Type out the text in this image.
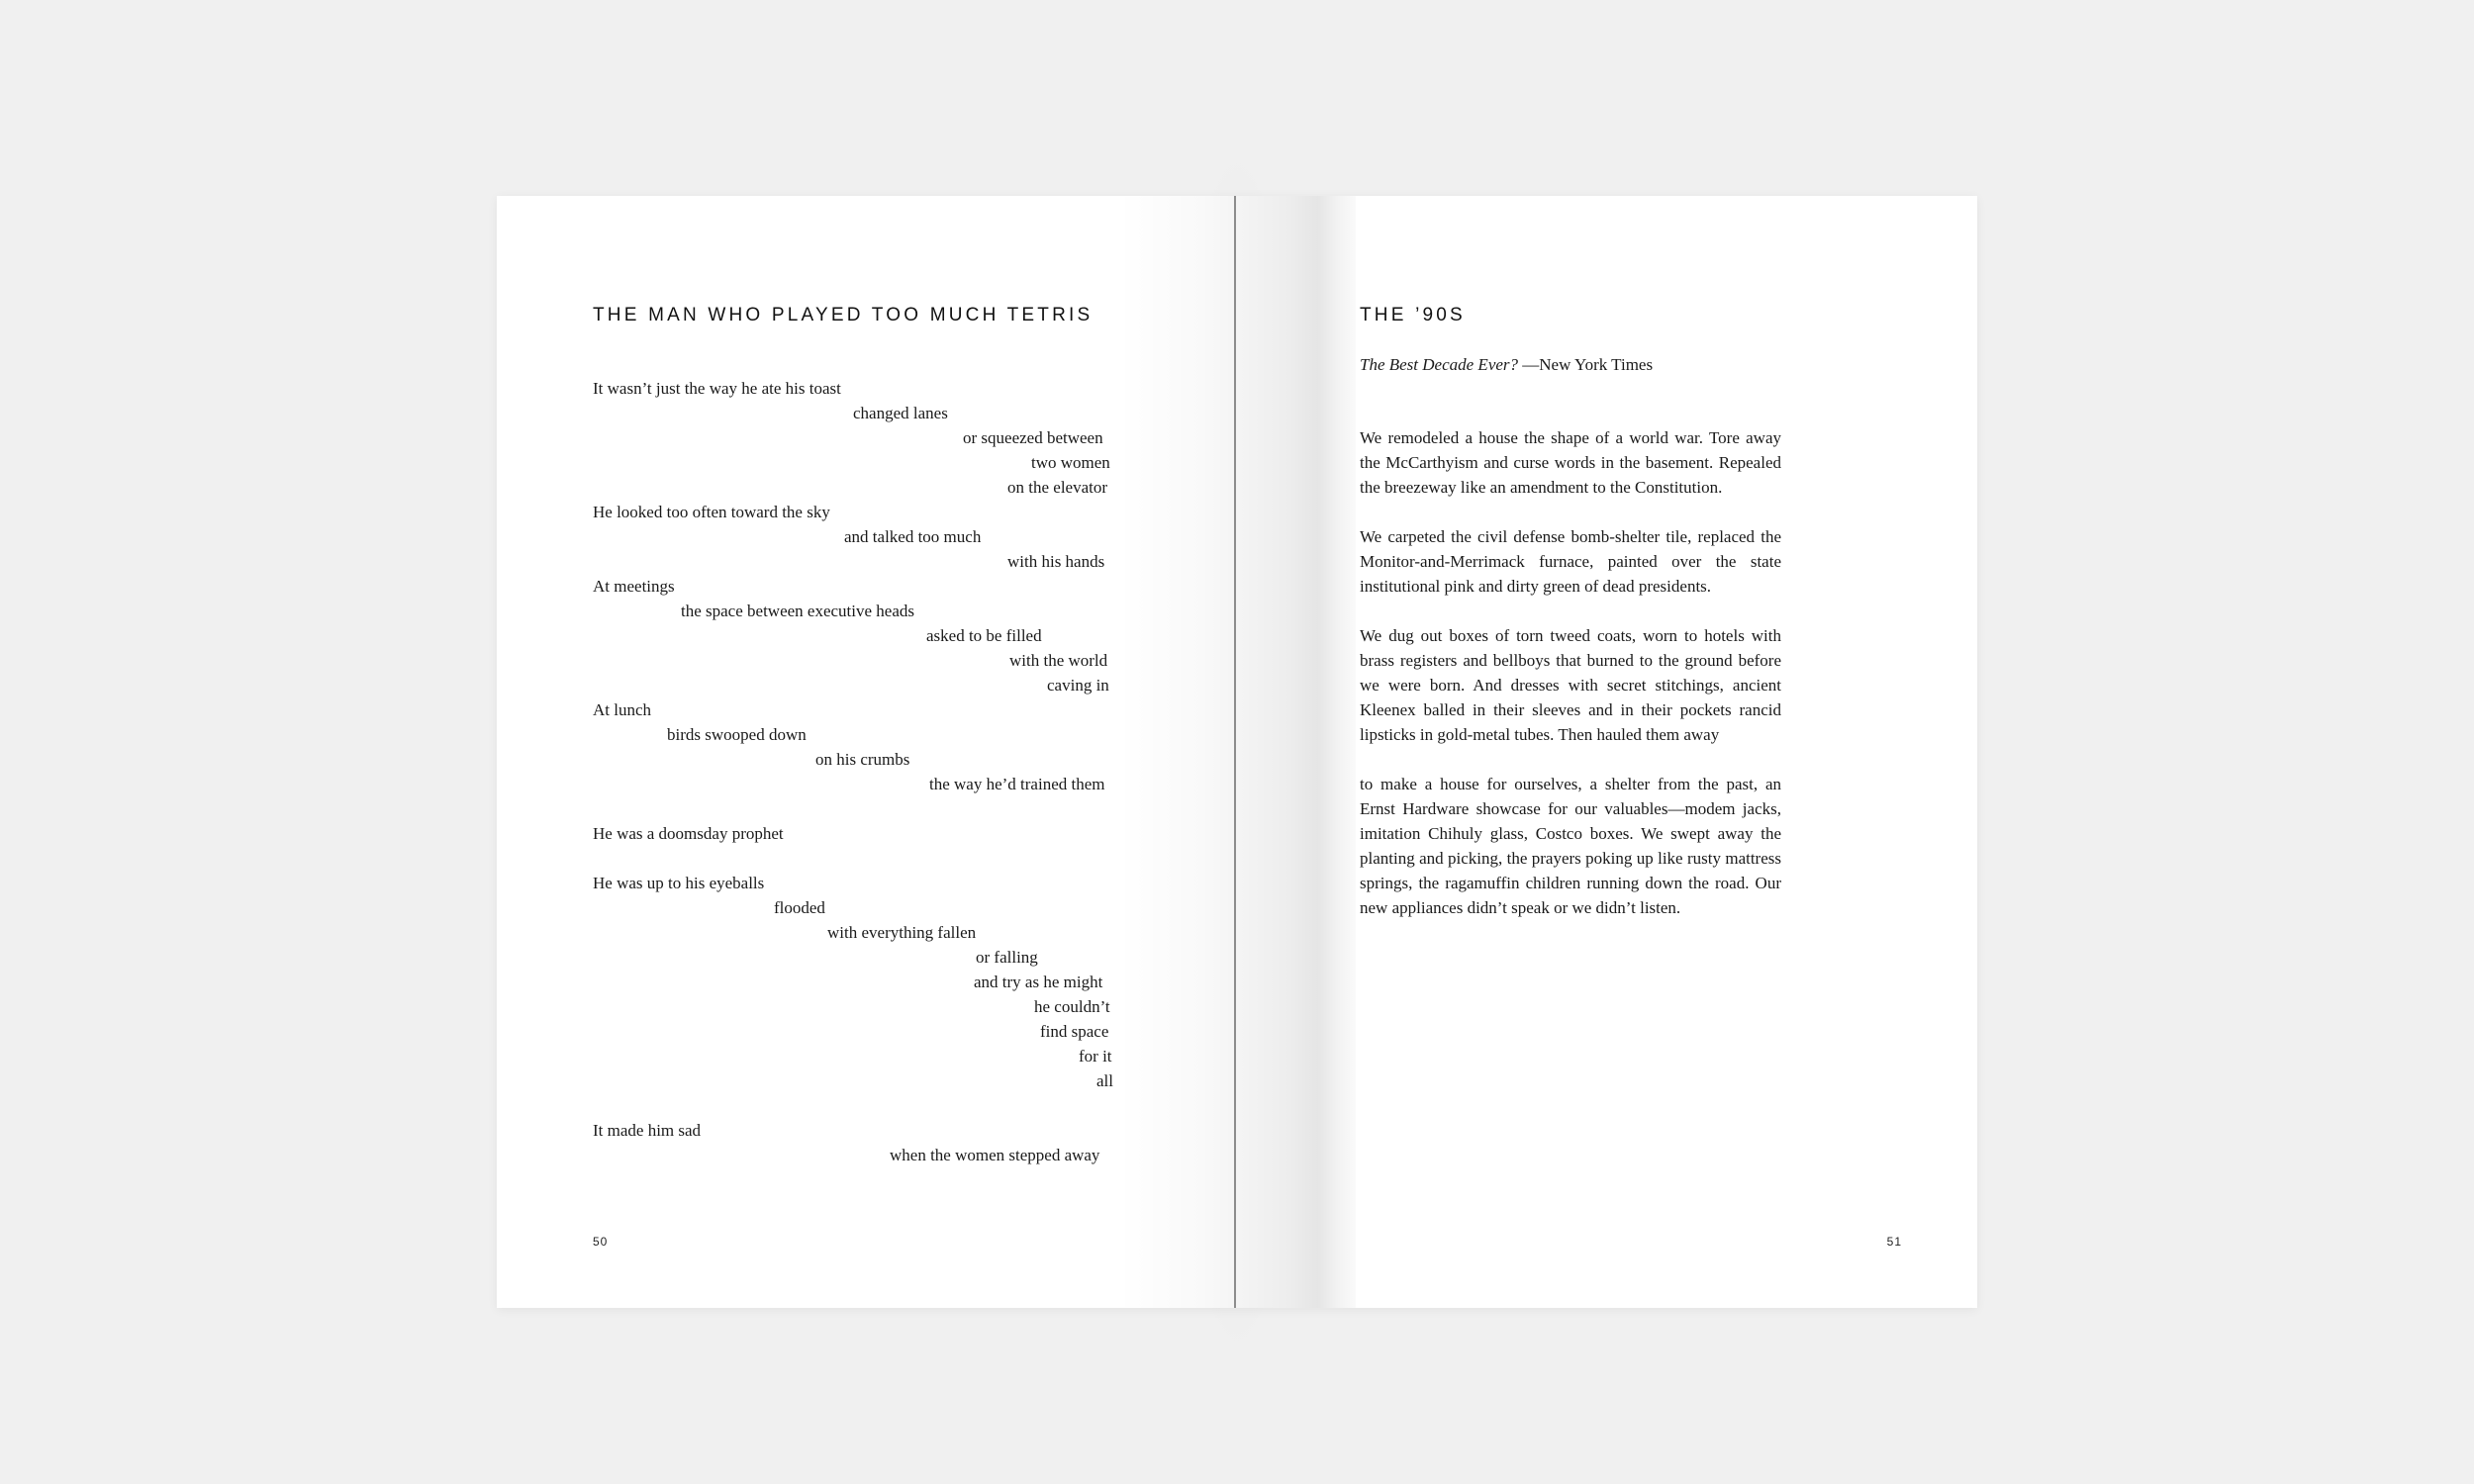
THE MAN WHO PLAYED TOO MUCH TETRIS
It wasn’t just the way he ate his toast
changed lanes
or squeezed between
two women
on the elevator
He looked too often toward the sky
and talked too much
with his hands
At meetings
the space between executive heads
asked to be filled
with the world
caving in
At lunch
birds swooped down
on his crumbs
the way he’d trained them
He was a doomsday prophet
He was up to his eyeballs
flooded
with everything fallen
or falling
and try as he might
he couldn’t
find space
for it
all
It made him sad
when the women stepped away
50
THE ’90S
The Best Decade Ever? —New York Times

We remodeled a house the shape of a world war. Tore away the McCarthyism and curse words in the basement. Repealed the breezeway like an amendment to the Constitution.

We carpeted the civil defense bomb-shelter tile, replaced the Monitor-and-Merrimack furnace, painted over the state institutional pink and dirty green of dead presidents.

We dug out boxes of torn tweed coats, worn to hotels with brass registers and bellboys that burned to the ground before we were born. And dresses with secret stitchings, ancient Kleenex balled in their sleeves and in their pockets rancid lipsticks in gold-metal tubes. Then hauled them away

to make a house for ourselves, a shelter from the past, an Ernst Hardware showcase for our valuables—modem jacks, imitation Chihuly glass, Costco boxes. We swept away the planting and picking, the prayers poking up like rusty mattress springs, the ragamuffin children running down the road. Our new appliances didn’t speak or we didn’t listen.

51
